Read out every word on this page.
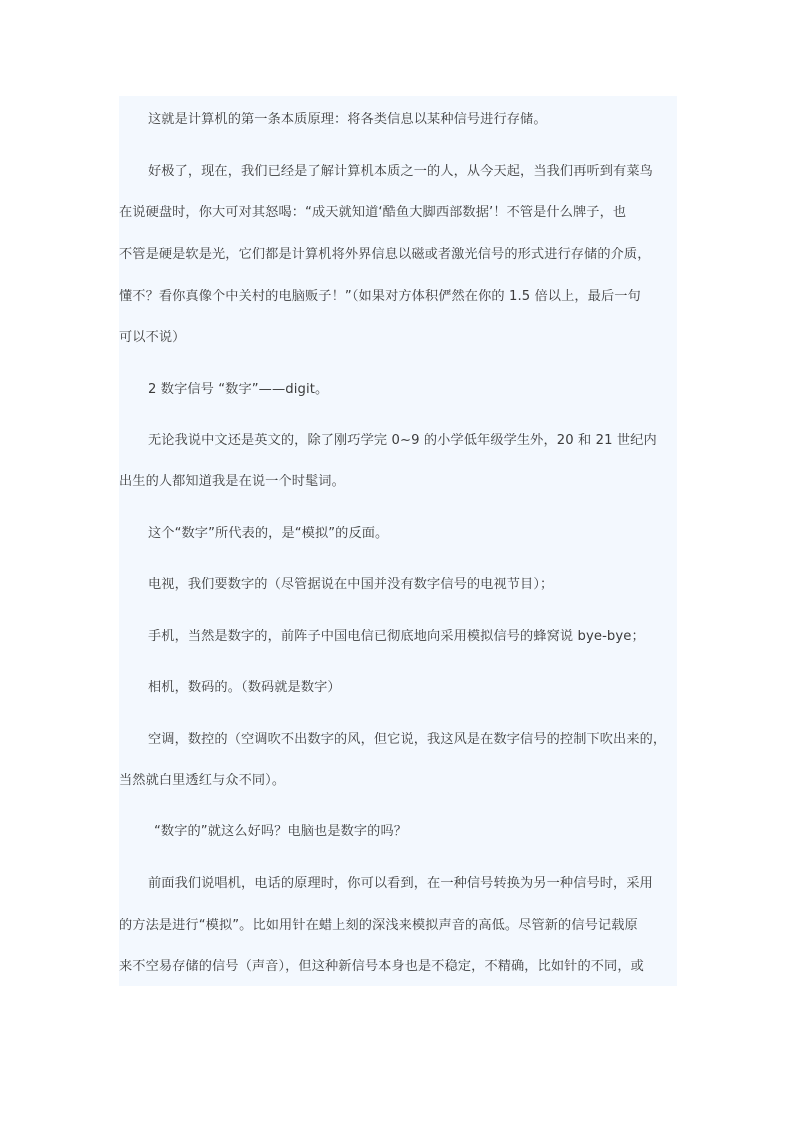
这就是计算机的第一条本质原理：将各类信息以某种信号进行存储。

好极了，现在，我们已经是了解计算机本质之一的人，从今天起，当我们再听到有菜鸟

在说硬盘时，你大可对其怒喝：“成天就知道‘酷鱼大脚西部数据’！不管是什么牌子，也

不管是硬是软是光，它们都是计算机将外界信息以磁或者激光信号的形式进行存储的介质，

懂不？看你真像个中关村的电脑贩子！”（如果对方体积俨然在你的 1.5 倍以上，最后一句

可以不说）

2 数字信号 “数字”——digit。

无论我说中文还是英文的，除了刚巧学完 0~9 的小学低年级学生外，20 和 21 世纪内

出生的人都知道我是在说一个时髦词。

这个“数字”所代表的，是“模拟”的反面。

电视，我们要数字的（尽管据说在中国并没有数字信号的电视节目）；

手机，当然是数字的，前阵子中国电信已彻底地向采用模拟信号的蜂窝说 bye-bye；

相机，数码的。（数码就是数字）

空调，数控的（空调吹不出数字的风，但它说，我这风是在数字信号的控制下吹出来的，

当然就白里透红与众不同）。

“数字的”就这么好吗？电脑也是数字的吗？

前面我们说唱机，电话的原理时，你可以看到，在一种信号转换为另一种信号时，采用

的方法是进行“模拟”。比如用针在蜡上刻的深浅来模拟声音的高低。尽管新的信号记载原

来不空易存储的信号（声音），但这种新信号本身也是不稳定，不精确，比如针的不同，或
